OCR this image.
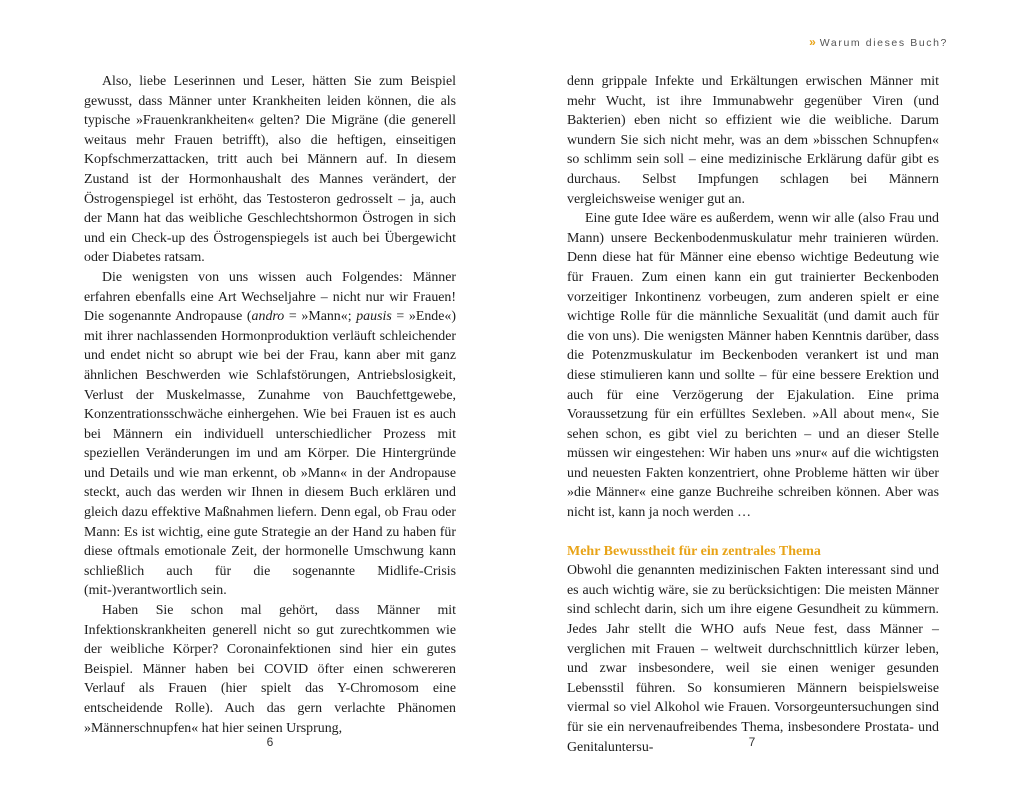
Also, liebe Leserinnen und Leser, hätten Sie zum Beispiel gewusst, dass Männer unter Krankheiten leiden können, die als typische »Frauenkrankheiten« gelten? Die Migräne (die generell weitaus mehr Frauen betrifft), also die heftigen, einseitigen Kopfschmerzattacken, tritt auch bei Männern auf. In diesem Zustand ist der Hormonhaushalt des Mannes verändert, der Östrogenspiegel ist erhöht, das Testosteron gedrosselt – ja, auch der Mann hat das weibliche Geschlechtshormon Östrogen in sich und ein Check-up des Östrogenspiegels ist auch bei Übergewicht oder Diabetes ratsam.

Die wenigsten von uns wissen auch Folgendes: Männer erfahren ebenfalls eine Art Wechseljahre – nicht nur wir Frauen! Die sogenannte Andropause (andro = »Mann«; pausis = »Ende«) mit ihrer nachlassenden Hormonproduktion verläuft schleichender und endet nicht so abrupt wie bei der Frau, kann aber mit ganz ähnlichen Beschwerden wie Schlafstörungen, Antriebslosigkeit, Verlust der Muskelmasse, Zunahme von Bauchfettgewebe, Konzentrationsschwäche einhergehen. Wie bei Frauen ist es auch bei Männern ein individuell unterschiedlicher Prozess mit speziellen Veränderungen im und am Körper. Die Hintergründe und Details und wie man erkennt, ob »Mann« in der Andropause steckt, auch das werden wir Ihnen in diesem Buch erklären und gleich dazu effektive Maßnahmen liefern. Denn egal, ob Frau oder Mann: Es ist wichtig, eine gute Strategie an der Hand zu haben für diese oftmals emotionale Zeit, der hormonelle Umschwung kann schließlich auch für die sogenannte Midlife-Crisis (mit-)verantwortlich sein.

Haben Sie schon mal gehört, dass Männer mit Infektionskrankheiten generell nicht so gut zurechtkommen wie der weibliche Körper? Coronainfektionen sind hier ein gutes Beispiel. Männer haben bei COVID öfter einen schwereren Verlauf als Frauen (hier spielt das Y-Chromosom eine entscheidende Rolle). Auch das gern verlachte Phänomen »Männerschnupfen« hat hier seinen Ursprung,

6
» Warum dieses Buch?

denn grippale Infekte und Erkältungen erwischen Männer mit mehr Wucht, ist ihre Immunabwehr gegenüber Viren (und Bakterien) eben nicht so effizient wie die weibliche. Darum wundern Sie sich nicht mehr, was an dem »bisschen Schnupfen« so schlimm sein soll – eine medizinische Erklärung dafür gibt es durchaus. Selbst Impfungen schlagen bei Männern vergleichsweise weniger gut an.

Eine gute Idee wäre es außerdem, wenn wir alle (also Frau und Mann) unsere Beckenbodenmuskulatur mehr trainieren würden. Denn diese hat für Männer eine ebenso wichtige Bedeutung wie für Frauen. Zum einen kann ein gut trainierter Beckenboden vorzeitiger Inkontinenz vorbeugen, zum anderen spielt er eine wichtige Rolle für die männliche Sexualität (und damit auch für die von uns). Die wenigsten Männer haben Kenntnis darüber, dass die Potenzmuskulatur im Beckenboden verankert ist und man diese stimulieren kann und sollte – für eine bessere Erektion und auch für eine Verzögerung der Ejakulation. Eine prima Voraussetzung für ein erfülltes Sexleben. »All about men«, Sie sehen schon, es gibt viel zu berichten – und an dieser Stelle müssen wir eingestehen: Wir haben uns »nur« auf die wichtigsten und neuesten Fakten konzentriert, ohne Probleme hätten wir über »die Männer« eine ganze Buchreihe schreiben können. Aber was nicht ist, kann ja noch werden …

Mehr Bewusstheit für ein zentrales Thema

Obwohl die genannten medizinischen Fakten interessant sind und es auch wichtig wäre, sie zu berücksichtigen: Die meisten Männer sind schlecht darin, sich um ihre eigene Gesundheit zu kümmern. Jedes Jahr stellt die WHO aufs Neue fest, dass Männer – verglichen mit Frauen – weltweit durchschnittlich kürzer leben, und zwar insbesondere, weil sie einen weniger gesunden Lebensstil führen. So konsumieren Männern beispielsweise viermal so viel Alkohol wie Frauen. Vorsorgeuntersuchungen sind für sie ein nervenaufreibendes Thema, insbesondere Prostata- und Genitaluntersu-	7
